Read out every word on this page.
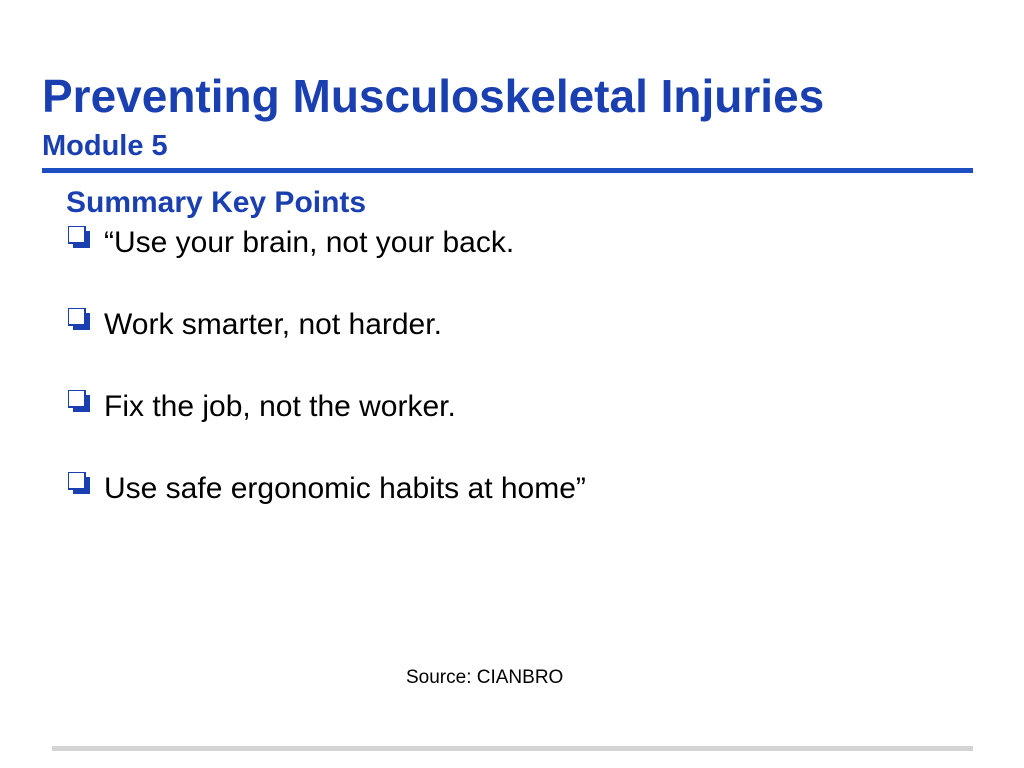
Preventing Musculoskeletal Injuries
Module 5
Summary Key Points
“Use your brain, not your back.
Work smarter, not harder.
Fix the job, not the worker.
Use safe ergonomic habits at home”

Source: CIANBRO
